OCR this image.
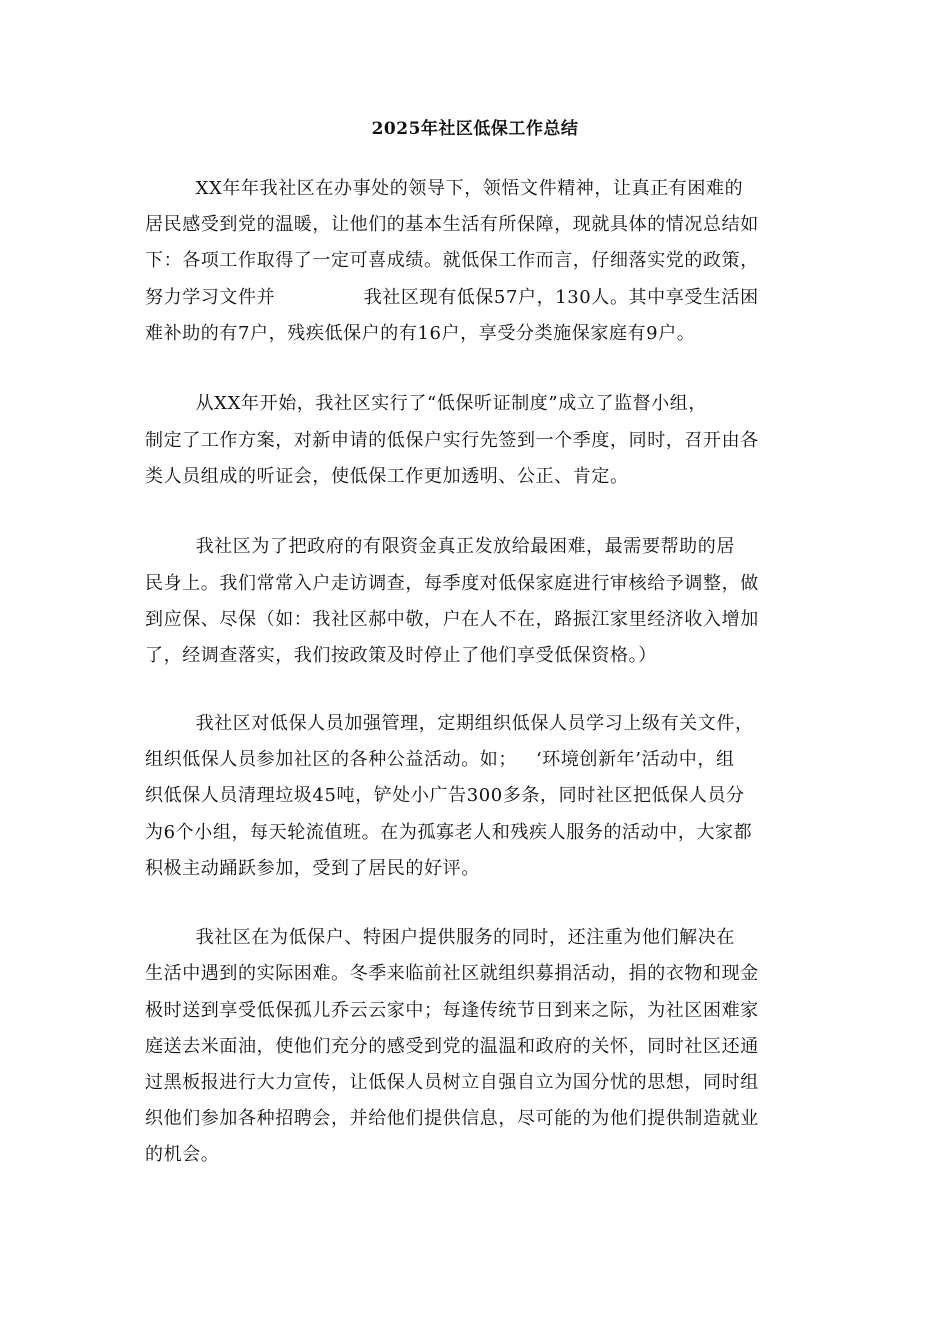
2025年社区低保工作总结
XX年年我社区在办事处的领导下，领悟文件精神，让真正有困难的
居民感受到党的温暖，让他们的基本生活有所保障，现就具体的情况总结如
下：各项工作取得了一定可喜成绩。就低保工作而言，仔细落实党的政策，
努力学习文件并              我社区现有低保57户，130人。其中享受生活困
难补助的有7户，残疾低保户的有16户，享受分类施保家庭有9户。
从XX年开始，我社区实行了“低保听证制度”成立了监督小组，
制定了工作方案，对新申请的低保户实行先签到一个季度，同时，召开由各
类人员组成的听证会，使低保工作更加透明、公正、肯定。
我社区为了把政府的有限资金真正发放给最困难，最需要帮助的居
民身上。我们常常入户走访调查，每季度对低保家庭进行审核给予调整，做
到应保、尽保（如：我社区郝中敬，户在人不在，路振江家里经济收入增加
了，经调查落实，我们按政策及时停止了他们享受低保资格。）
我社区对低保人员加强管理，定期组织低保人员学习上级有关文件，
组织低保人员参加社区的各种公益活动。如；   ‘环境创新年’活动中，组
织低保人员清理垃圾45吨，铲处小广告300多条，同时社区把低保人员分
为6个小组，每天轮流值班。在为孤寡老人和残疾人服务的活动中，大家都
积极主动踊跃参加，受到了居民的好评。
我社区在为低保户、特困户提供服务的同时，还注重为他们解决在
生活中遇到的实际困难。冬季来临前社区就组织募捐活动，捐的衣物和现金
极时送到享受低保孤儿乔云云家中；每逢传统节日到来之际，为社区困难家
庭送去米面油，使他们充分的感受到党的温温和政府的关怀，同时社区还通
过黑板报进行大力宣传，让低保人员树立自强自立为国分忧的思想，同时组
织他们参加各种招聘会，并给他们提供信息，尽可能的为他们提供制造就业
的机会。
